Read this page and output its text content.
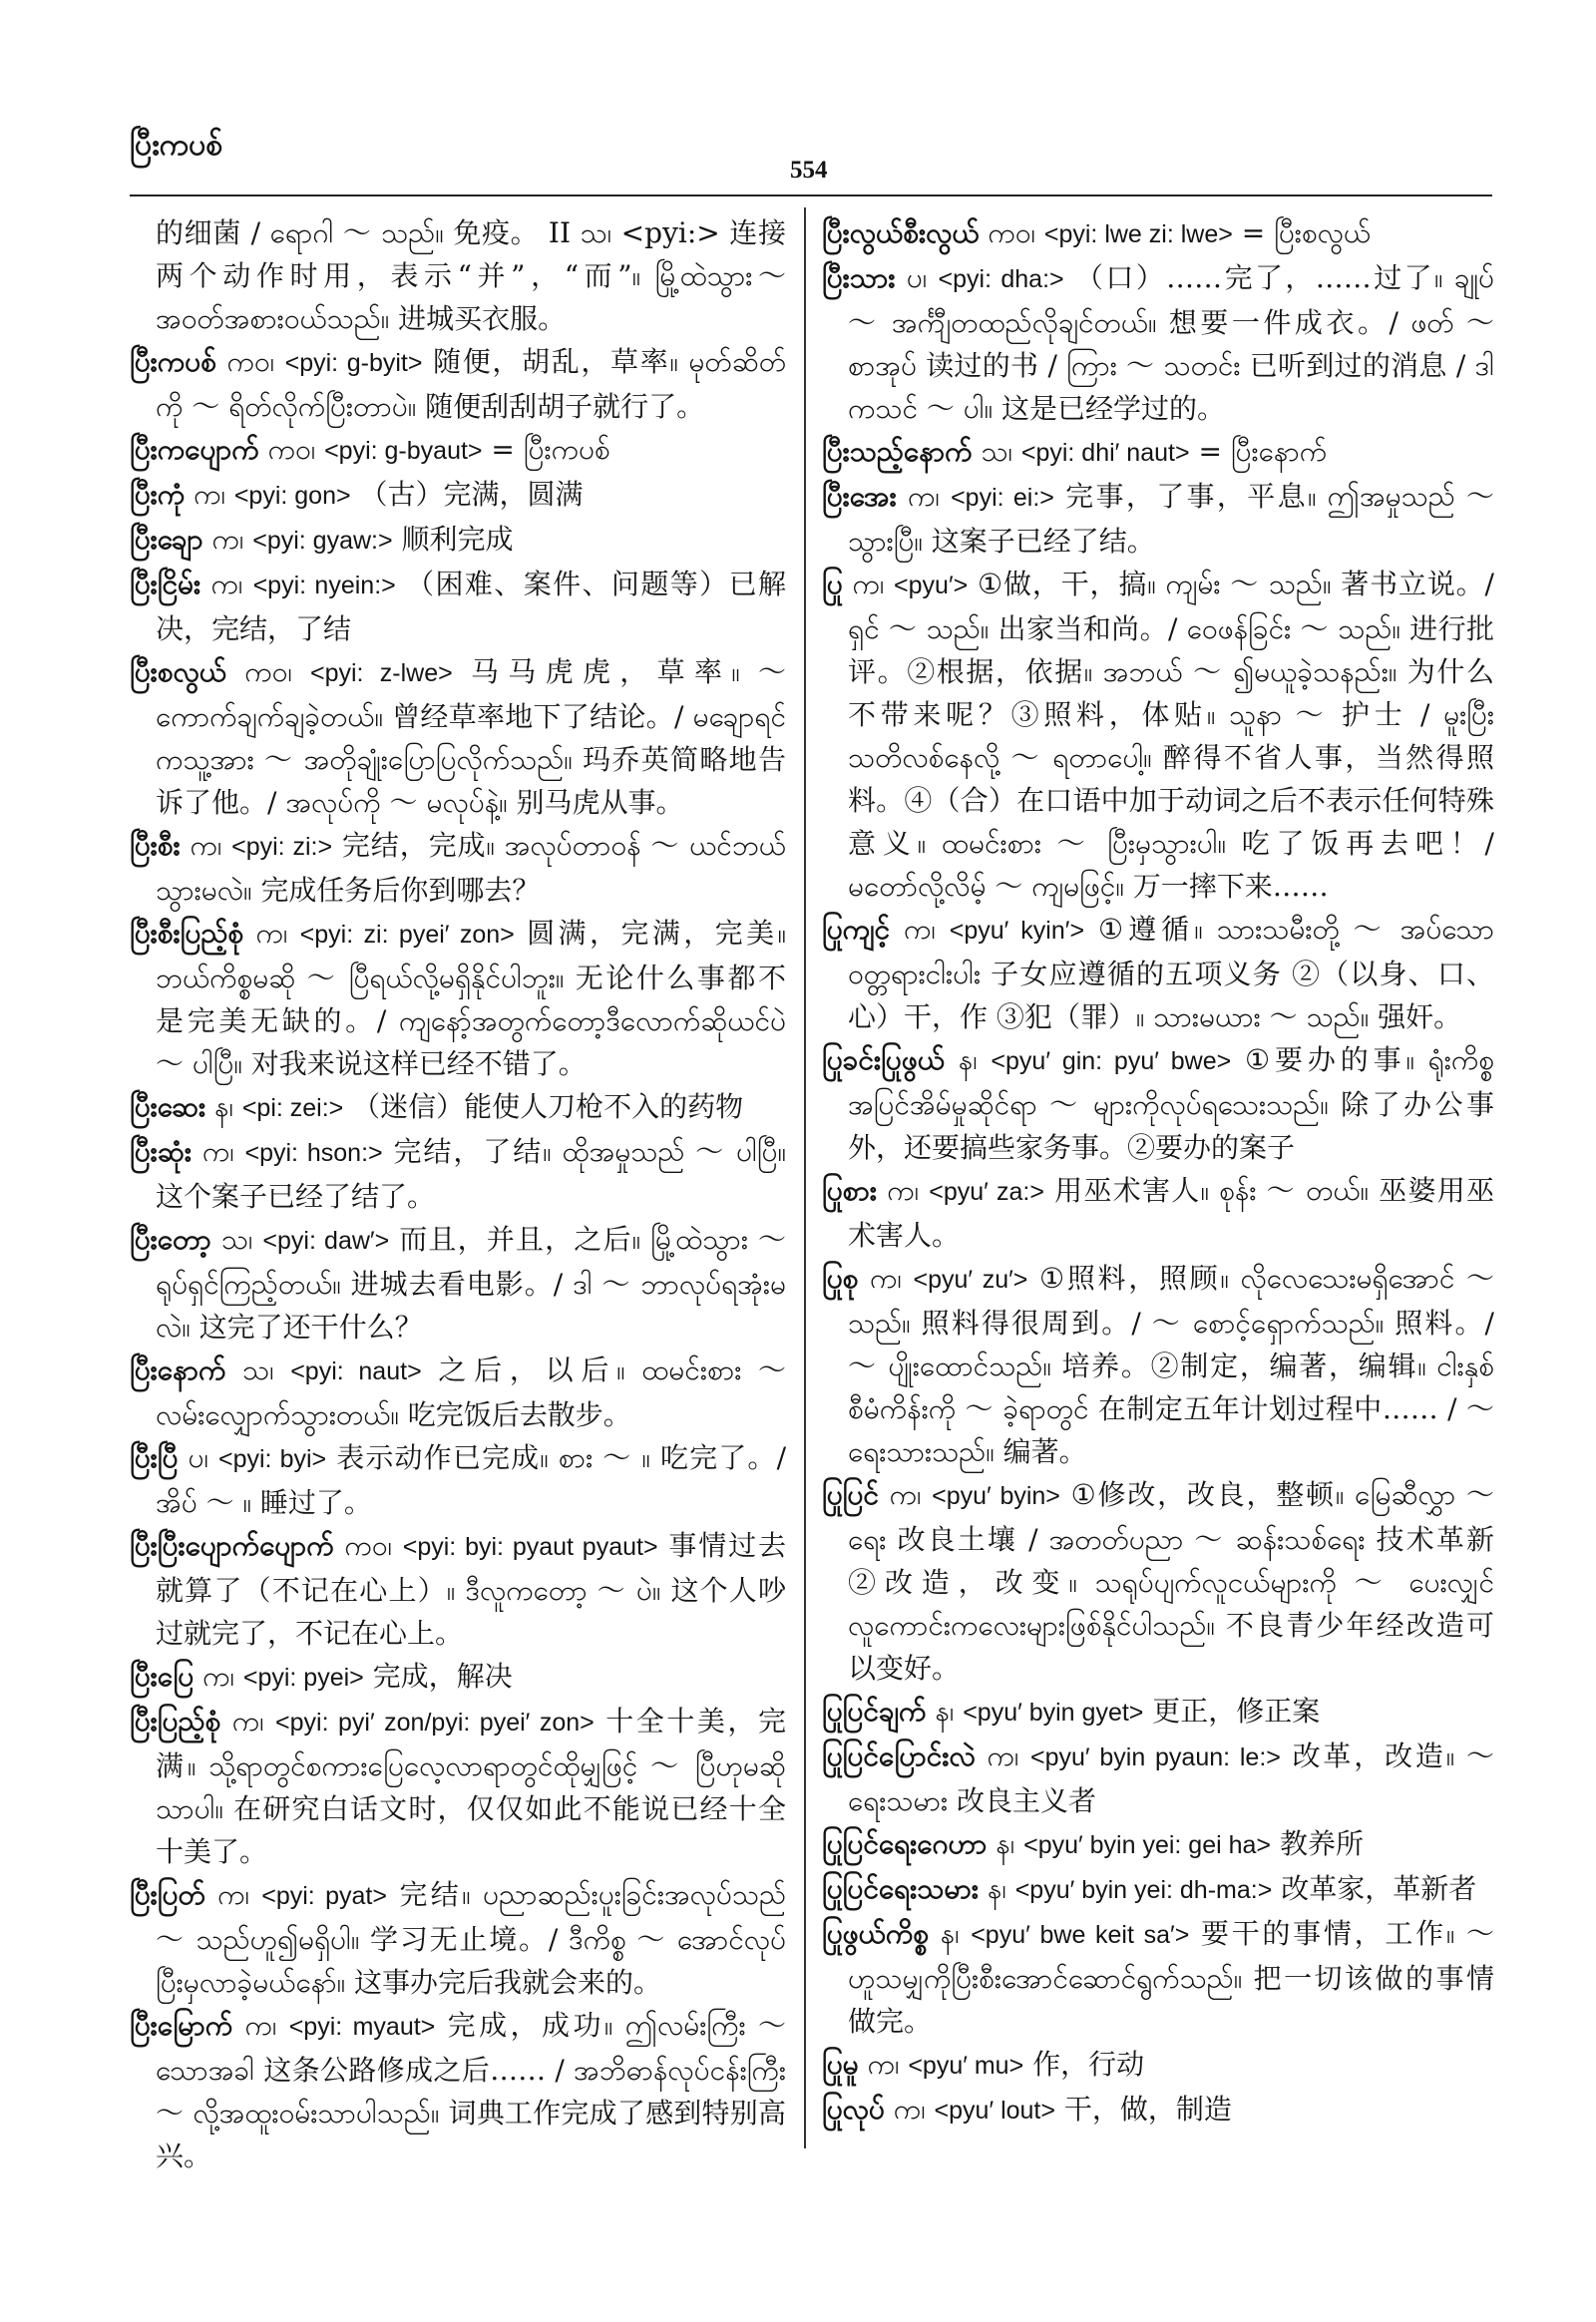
ပြီးကပစ်
554
的细菌 / ရောဂါ ～ သည်။ 免疫。 II သ၊ <pyi:> 连接两个动作时用，表示“并”，“而”။ မြို့ထဲသွား～ အဝတ်အစားဝယ်သည်။ 进城买衣服。
ပြီးကပစ် ကဝ၊ <pyi: g-byit> 随便，胡乱，草率။ မုတ်ဆိတ်ကို ～ ရိတ်လိုက်ပြီးတာပဲ။ 随便刮刮胡子就行了。
ပြီးကပျောက် ကဝ၊ <pyi: g-byaut> = ပြီးကပစ်
ပြီးကုံ က၊ <pyi: gon> （古）完满，圆满
ပြီးချော က၊ <pyi: gyaw:> 顺利完成
ပြီးငြိမ်း က၊ <pyi: nyein:> （困难、案件、问题等）已解决，完结，了结
ပြီးစလွယ် ကဝ၊ <pyi: z-lwe> 马马虎虎，草率။ ～ ကောက်ချက်ချခဲ့တယ်။ 曾经草率地下了结论。/ မချောရင်ကသူ့အား ～ အတိုချုံးပြောပြလိုက်သည်။ 玛乔英简略地告诉了他。/ အလုပ်ကို ～ မလုပ်နဲ့။ 别马虎从事。
ပြီးစီး က၊ <pyi: zi:> 完结，完成။ အလုပ်တာဝန် ～ ယင်ဘယ်သွားမလဲ။ 完成任务后你到哪去？
ပြီးစီးပြည့်စုံ က၊ <pyi: zi: pyei′ zon> 圆满，完满，完美။ ဘယ်ကိစ္စမဆို ～ ပြီရယ်လို့မရှိနိုင်ပါဘူး။ 无论什么事都不是完美无缺的。/ ကျနော့်အတွက်တော့ဒီလောက်ဆိုယင်ပဲ ～ ပါပြီ။ 对我来说这样已经不错了。
ပြီးဆေး န၊ <pi: zei:> （迷信）能使人刀枪不入的药物
ပြီးဆုံး က၊ <pyi: hson:> 完结，了结။ ထိုအမှုသည် ～ ပါပြီ။ 这个案子已经了结了。
ပြီးတော့ သ၊ <pyi: daw′> 而且，并且，之后။ မြို့ထဲသွား ～ ရုပ်ရှင်ကြည့်တယ်။ 进城去看电影。/ ဒါ ～ ဘာလုပ်ရအုံးမလဲ။ 这完了还干什么？
ပြီးနောက် သ၊ <pyi: naut> 之后，以后။ ထမင်းစား ～ လမ်းလျှောက်သွားတယ်။ 吃完饭后去散步。
ပြီးပြီ ပ၊ <pyi: byi> 表示动作已完成။ စား ～ ။ 吃完了。/ အိပ် ～ ။ 睡过了。
ပြီးပြီးပျောက်ပျောက် ကဝ၊ <pyi: byi: pyaut pyaut> 事情过去就算了（不记在心上）။ ဒီလူကတော့ ～ ပဲ။ 这个人吵过就完了，不记在心上。
ပြီးပြေ က၊ <pyi: pyei> 完成，解决
ပြီးပြည့်စုံ က၊ <pyi: pyi′ zon/pyi: pyei′ zon> 十全十美，完满။ သို့ရာတွင်စကားပြေလေ့လာရာတွင်ထိုမျှဖြင့် ～ ပြီဟုမဆိုသာပါ။ 在研究白话文时，仅仅如此不能说已经十全十美了。
ပြီးပြတ် က၊ <pyi: pyat> 完结။ ပညာဆည်းပူးခြင်းအလုပ်သည် ～ သည်ဟူ၍မရှိပါ။ 学习无止境。/ ဒီကိစ္စ ～ အောင်လုပ်ပြီးမှလာခဲ့မယ်နော်။ 这事办完后我就会来的。
ပြီးမြောက် က၊ <pyi: myaut> 完成，成功။ ဤလမ်းကြီး ～ သောအခါ 这条公路修成之后…… / အဘိဓာန်လုပ်ငန်းကြီး ～ လို့အထူးဝမ်းသာပါသည်။ 词典工作完成了感到特别高兴。
ပြီးလွယ်စီးလွယ် ကဝ၊ <pyi: lwe zi: lwe> = ပြီးစလွယ်
ပြီးသား ပ၊ <pyi: dha:> （口）……完了，……过了။ ချုပ် ～ အင်္ကျီတထည်လိုချင်တယ်။ 想要一件成衣。/ ဖတ် ～ စာအုပ် 读过的书 / ကြား ～ သတင်း 已听到过的消息 / ဒါကသင် ～ ပါ။ 这是已经学过的。
ပြီးသည့်နောက် သ၊ <pyi: dhi′ naut> = ပြီးနောက်
ပြီးအေး က၊ <pyi: ei:> 完事，了事，平息။ ဤအမှုသည် ～ သွားပြီ။ 这案子已经了结。
ပြု က၊ <pyu′> ①做，干，搞။ ကျမ်း ～ သည်။ 著书立说。/ ရှင် ～ သည်။ 出家当和尚。/ ဝေဖန်ခြင်း ～ သည်။ 进行批评。②根据，依据။ အဘယ် ～ ၍မယူခဲ့သနည်း။ 为什么不带来呢？③照料，体贴။ သူနာ ～ 护士 / မူးပြီးသတိလစ်နေလို့ ～ ရတာပေါ့။ 醉得不省人事，当然得照料。④（合）在口语中加于动词之后不表示任何特殊意义။ ထမင်းစား ～ ပြီးမှသွားပါ။ 吃了饭再去吧！/ မတော်လို့လိမ့် ～ ကျမဖြင့်။ 万一摔下来……
ပြုကျင့် က၊ <pyu′ kyin′> ①遵循။ သားသမီးတို့ ～ အပ်သောဝတ္တရားငါးပါး 子女应遵循的五项义务 ②（以身、口、心）干，作 ③犯（罪）။ သားမယား ～ သည်။ 强奸。
ပြုခင်းပြုဖွယ် န၊ <pyu′ gin: pyu′ bwe> ①要办的事။ ရုံးကိစ္စအပြင်အိမ်မှုဆိုင်ရာ ～ များကိုလုပ်ရသေးသည်။ 除了办公事外，还要搞些家务事。②要办的案子
ပြုစား က၊ <pyu′ za:> 用巫术害人။ စုန်း ～ တယ်။ 巫婆用巫术害人。
ပြုစု က၊ <pyu′ zu′> ①照料，照顾။ လိုလေသေးမရှိအောင် ～ သည်။ 照料得很周到。/ ～ စောင့်ရှောက်သည်။ 照料。/ ～ ပျိုးထောင်သည်။ 培养。②制定，编著，编辑။ ငါးနှစ်စီမံကိန်းကို ～ ခဲ့ရာတွင် 在制定五年计划过程中…… / ～ ရေးသားသည်။ 编著。
ပြုပြင် က၊ <pyu′ byin> ①修改，改良，整顿။ မြေဆီလွှာ ～ ရေး 改良土壤 / အတတ်ပညာ ～ ဆန်းသစ်ရေး 技术革新 ②改造，改变။ သရုပ်ပျက်လူငယ်များကို ～ ပေးလျှင်လူကောင်းကလေးများဖြစ်နိုင်ပါသည်။ 不良青少年经改造可以变好。
ပြုပြင်ချက် န၊ <pyu′ byin gyet> 更正，修正案
ပြုပြင်ပြောင်းလဲ က၊ <pyu′ byin pyaun: le:> 改革，改造။ ～ ရေးသမား 改良主义者
ပြုပြင်ရေးဂေဟာ န၊ <pyu′ byin yei: gei ha> 教养所
ပြုပြင်ရေးသမား န၊ <pyu′ byin yei: dh-ma:> 改革家，革新者
ပြုဖွယ်ကိစ္စ န၊ <pyu′ bwe keit sa′> 要干的事情，工作။ ～ ဟူသမျှကိုပြီးစီးအောင်ဆောင်ရွက်သည်။ 把一切该做的事情做完。
ပြုမူ က၊ <pyu′ mu> 作，行动
ပြုလုပ် က၊ <pyu′ lout> 干，做，制造
